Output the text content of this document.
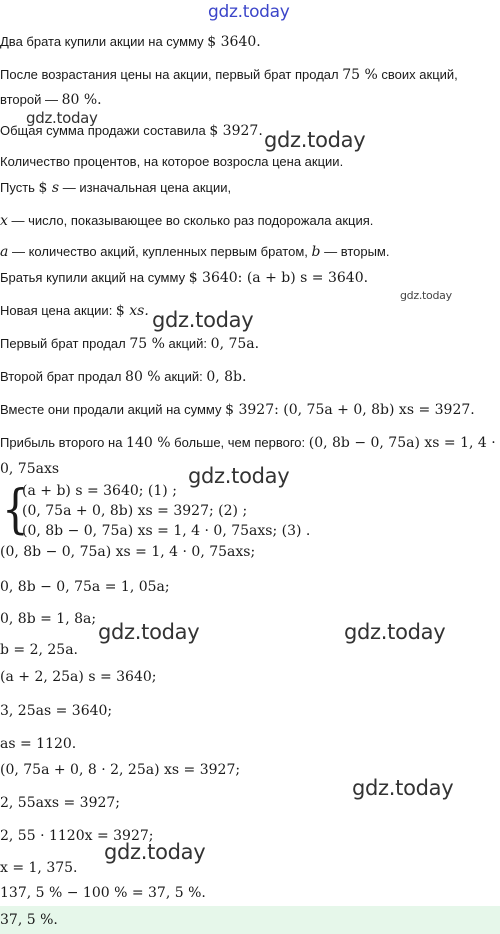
gdz.today
Два брата купили акции на сумму $ 3640.
После возрастания цены на акции, первый брат продал 75 % своих акций,
второй — 80 %.
gdz.today
Общая сумма продажи составила $ 3927. gdz.today
Количество процентов, на которое возросла цена акции.
Пусть $ s — изначальная цена акции,
x — число, показывающее во сколько раз подорожала акция.
a — количество акций, купленных первым братом, b — вторым.
Братья купили акций на сумму $ 3640: (a + b) s = 3640.
gdz.today
Новая цена акции: $ xs. gdz.today
Первый брат продал 75 % акций: 0, 75a.
Второй брат продал 80 % акций: 0, 8b.
Вместе они продали акций на сумму $ 3927: (0, 75a + 0, 8b) xs = 3927.
Прибыль второго на 140 % больше, чем первого: (0, 8b − 0, 75a) xs = 1, 4 ·
0, 75axs	gdz.today
{
(a + b) s = 3640; (1) ;
(0, 75a + 0, 8b) xs = 3927; (2) ;
(0, 8b − 0, 75a) xs = 1, 4 · 0, 75axs; (3) .
(0, 8b − 0, 75a) xs = 1, 4 · 0, 75axs;
0, 8b − 0, 75a = 1, 05a;
0, 8b = 1, 8a;
gdz.today	gdz.today
b = 2, 25a.
(a + 2, 25a) s = 3640;
3, 25as = 3640;
as = 1120.
(0, 75a + 0, 8 · 2, 25a) xs = 3927;
gdz.today
2, 55axs = 3927;
2, 55 · 1120x = 3927;
gdz.today
x = 1, 375.
137, 5 % − 100 % = 37, 5 %.
37, 5 %.
